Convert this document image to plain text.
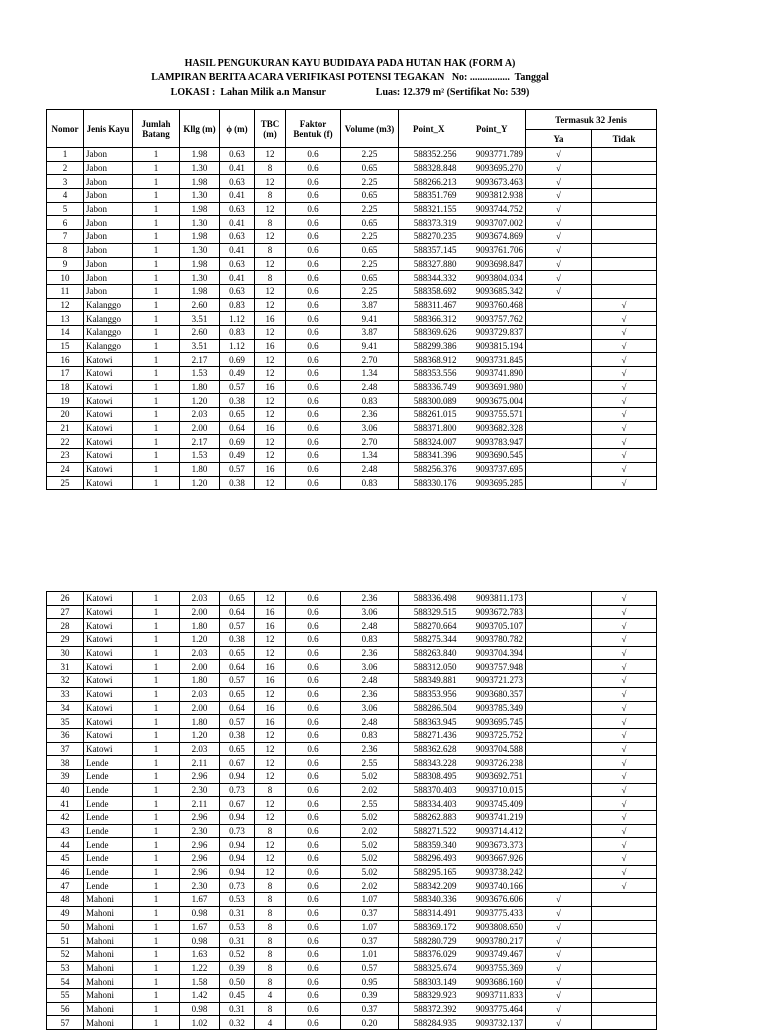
HASIL PENGUKURAN KAYU BUDIDAYA PADA HUTAN HAK (FORM A)
LAMPIRAN BERITA ACARA VERIFIKASI POTENSI TEGAKAN   No: ................  Tanggal
LOKASI :  Lahan Milik a.n Mansur	Luas: 12.379 m² (Sertifikat No: 539)
Nomor	Jenis Kayu	Jumlah Batang	Kllg (m)	ϕ (m)	TBC (m)	Faktor Bentuk (f)	Volume (m3)	Point_X	Point_Y	Termasuk 32 Jenis	
										Ya	Tidak
1	Jabon	1	1.98	0.63	12	0.6	2.25	588352.256	9093771.789	√	
2	Jabon	1	1.30	0.41	8	0.6	0.65	588328.848	9093695.270	√	
3	Jabon	1	1.98	0.63	12	0.6	2.25	588266.213	9093673.463	√	
4	Jabon	1	1.30	0.41	8	0.6	0.65	588351.769	9093812.938	√	
5	Jabon	1	1.98	0.63	12	0.6	2.25	588321.155	9093744.752	√	
6	Jabon	1	1.30	0.41	8	0.6	0.65	588373.319	9093707.002	√	
7	Jabon	1	1.98	0.63	12	0.6	2.25	588270.235	9093674.869	√	
8	Jabon	1	1.30	0.41	8	0.6	0.65	588357.145	9093761.706	√	
9	Jabon	1	1.98	0.63	12	0.6	2.25	588327.880	9093698.847	√	
10	Jabon	1	1.30	0.41	8	0.6	0.65	588344.332	9093804.034	√	
11	Jabon	1	1.98	0.63	12	0.6	2.25	588358.692	9093685.342	√	
12	Kalanggo	1	2.60	0.83	12	0.6	3.87	588311.467	9093760.468		√
13	Kalanggo	1	3.51	1.12	16	0.6	9.41	588366.312	9093757.762		√
14	Kalanggo	1	2.60	0.83	12	0.6	3.87	588369.626	9093729.837		√
15	Kalanggo	1	3.51	1.12	16	0.6	9.41	588299.386	9093815.194		√
16	Katowi	1	2.17	0.69	12	0.6	2.70	588368.912	9093731.845		√
17	Katowi	1	1.53	0.49	12	0.6	1.34	588353.556	9093741.890		√
18	Katowi	1	1.80	0.57	16	0.6	2.48	588336.749	9093691.980		√
19	Katowi	1	1.20	0.38	12	0.6	0.83	588300.089	9093675.004		√
20	Katowi	1	2.03	0.65	12	0.6	2.36	588261.015	9093755.571		√
21	Katowi	1	2.00	0.64	16	0.6	3.06	588371.800	9093682.328		√
22	Katowi	1	2.17	0.69	12	0.6	2.70	588324.007	9093783.947		√
23	Katowi	1	1.53	0.49	12	0.6	1.34	588341.396	9093690.545		√
24	Katowi	1	1.80	0.57	16	0.6	2.48	588256.376	9093737.695		√
25	Katowi	1	1.20	0.38	12	0.6	0.83	588330.176	9093695.285		√
26	Katowi	1	2.03	0.65	12	0.6	2.36	588336.498	9093811.173		√
27	Katowi	1	2.00	0.64	16	0.6	3.06	588329.515	9093672.783		√
28	Katowi	1	1.80	0.57	16	0.6	2.48	588270.664	9093705.107		√
29	Katowi	1	1.20	0.38	12	0.6	0.83	588275.344	9093780.782		√
30	Katowi	1	2.03	0.65	12	0.6	2.36	588263.840	9093704.394		√
31	Katowi	1	2.00	0.64	16	0.6	3.06	588312.050	9093757.948		√
32	Katowi	1	1.80	0.57	16	0.6	2.48	588349.881	9093721.273		√
33	Katowi	1	2.03	0.65	12	0.6	2.36	588353.956	9093680.357		√
34	Katowi	1	2.00	0.64	16	0.6	3.06	588286.504	9093785.349		√
35	Katowi	1	1.80	0.57	16	0.6	2.48	588363.945	9093695.745		√
36	Katowi	1	1.20	0.38	12	0.6	0.83	588271.436	9093725.752		√
37	Katowi	1	2.03	0.65	12	0.6	2.36	588362.628	9093704.588		√
38	Lende	1	2.11	0.67	12	0.6	2.55	588343.228	9093726.238		√
39	Lende	1	2.96	0.94	12	0.6	5.02	588308.495	9093692.751		√
40	Lende	1	2.30	0.73	8	0.6	2.02	588370.403	9093710.015		√
41	Lende	1	2.11	0.67	12	0.6	2.55	588334.403	9093745.409		√
42	Lende	1	2.96	0.94	12	0.6	5.02	588262.883	9093741.219		√
43	Lende	1	2.30	0.73	8	0.6	2.02	588271.522	9093714.412		√
44	Lende	1	2.96	0.94	12	0.6	5.02	588359.340	9093673.373		√
45	Lende	1	2.96	0.94	12	0.6	5.02	588296.493	9093667.926		√
46	Lende	1	2.96	0.94	12	0.6	5.02	588295.165	9093738.242		√
47	Lende	1	2.30	0.73	8	0.6	2.02	588342.209	9093740.166		√
48	Mahoni	1	1.67	0.53	8	0.6	1.07	588340.336	9093676.606	√	
49	Mahoni	1	0.98	0.31	8	0.6	0.37	588314.491	9093775.433	√	
50	Mahoni	1	1.67	0.53	8	0.6	1.07	588369.172	9093808.650	√	
51	Mahoni	1	0.98	0.31	8	0.6	0.37	588280.729	9093780.217	√	
52	Mahoni	1	1.63	0.52	8	0.6	1.01	588376.029	9093749.467	√	
53	Mahoni	1	1.22	0.39	8	0.6	0.57	588325.674	9093755.369	√	
54	Mahoni	1	1.58	0.50	8	0.6	0.95	588303.149	9093686.160	√	
55	Mahoni	1	1.42	0.45	4	0.6	0.39	588329.923	9093711.833	√	
56	Mahoni	1	0.98	0.31	8	0.6	0.37	588372.392	9093775.464	√	
57	Mahoni	1	1.02	0.32	4	0.6	0.20	588284.935	9093732.137	√	
